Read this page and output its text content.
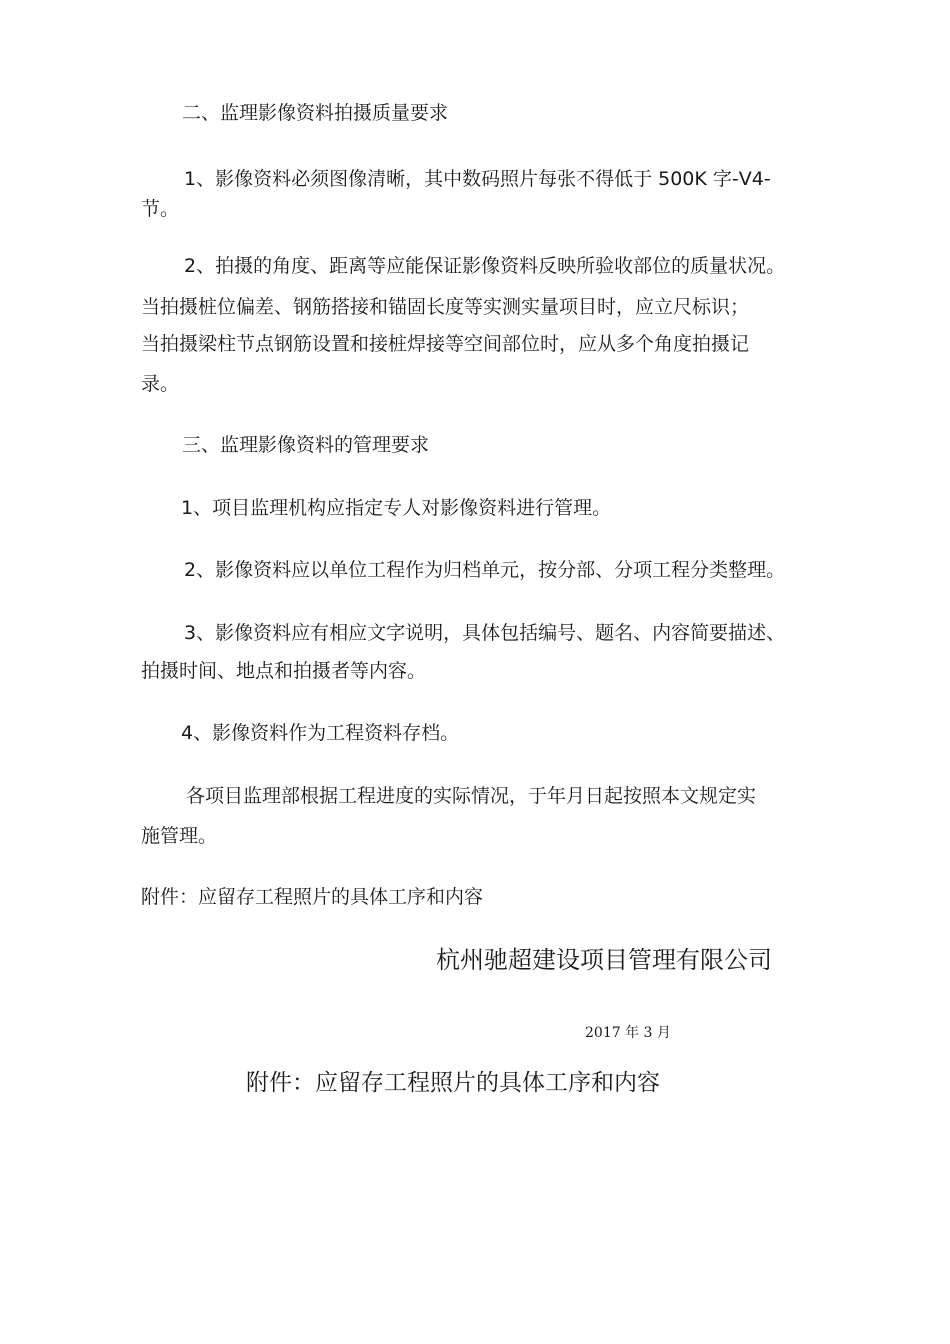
二、监理影像资料拍摄质量要求
1、影像资料必须图像清晰，其中数码照片每张不得低于 500K 字-V4-
节。
2、拍摄的角度、距离等应能保证影像资料反映所验收部位的质量状况。
当拍摄桩位偏差、钢筋搭接和锚固长度等实测实量项目时，应立尺标识；
当拍摄梁柱节点钢筋设置和接桩焊接等空间部位时，应从多个角度拍摄记
录。
三、监理影像资料的管理要求
1、项目监理机构应指定专人对影像资料进行管理。
2、影像资料应以单位工程作为归档单元，按分部、分项工程分类整理。
3、影像资料应有相应文字说明，具体包括编号、题名、内容简要描述、
拍摄时间、地点和拍摄者等内容。
4、影像资料作为工程资料存档。
各项目监理部根据工程进度的实际情况，于年月日起按照本文规定实
施管理。
附件：应留存工程照片的具体工序和内容
杭州驰超建设项目管理有限公司
2017 年 3 月
附件：应留存工程照片的具体工序和内容
